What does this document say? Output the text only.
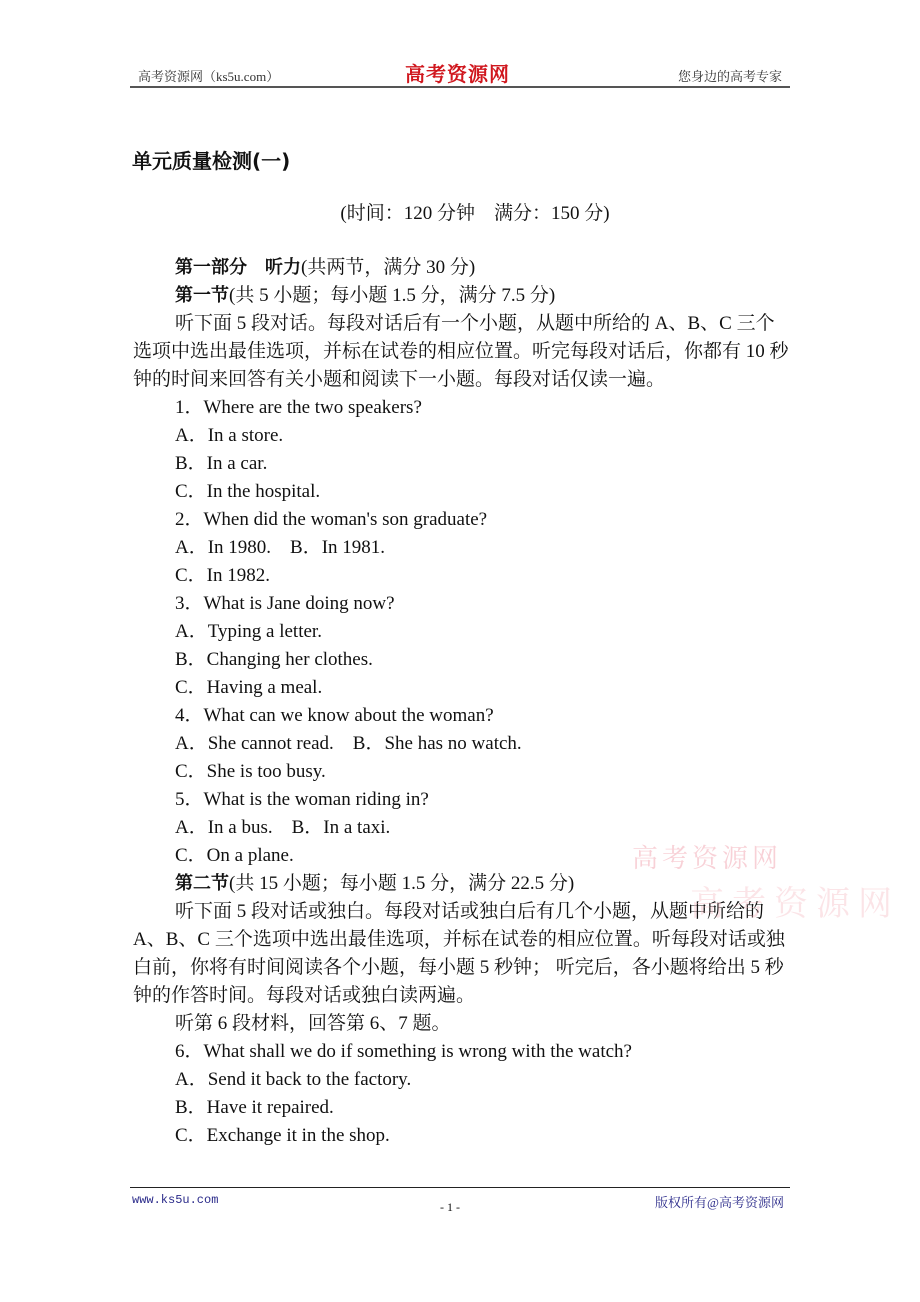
高考资源网（ks5u.com）	高考资源网	您身边的高考专家
单元质量检测(一)
(时间：120 分钟　满分：150 分)

第一部分　听力(共两节，满分 30 分)

第一节(共 5 小题；每小题 1.5 分，满分 7.5 分)

听下面 5 段对话。每段对话后有一个小题，从题中所给的 A、B、C 三个选项中选出最佳选项，并标在试卷的相应位置。听完每段对话后，你都有 10 秒钟的时间来回答有关小题和阅读下一小题。每段对话仅读一遍。

1．Where are the two speakers?

A．In a store.

B．In a car.

C．In the hospital.

2．When did the woman's son graduate?

A．In 1980.　B．In 1981.

C．In 1982.

3．What is Jane doing now?

A．Typing a letter.

B．Changing her clothes.

C．Having a meal.

4．What can we know about the woman?

A．She cannot read.　B．She has no watch.

C．She is too busy.

5．What is the woman riding in?

A．In a bus.　B．In a taxi.

C．On a plane.

第二节(共 15 小题；每小题 1.5 分，满分 22.5 分)

听下面 5 段对话或独白。每段对话或独白后有几个小题，从题中所给的 A、B、C 三个选项中选出最佳选项，并标在试卷的相应位置。听每段对话或独白前，你将有时间阅读各个小题，每小题 5 秒钟； 听完后，各小题将给出 5 秒钟的作答时间。每段对话或独白读两遍。

听第 6 段材料，回答第 6、7 题。

6．What shall we do if something is wrong with the watch?

A．Send it back to the factory.

B．Have it repaired.

C．Exchange it in the shop.

高考资源网
高考资源网
www.ks5u.com	- 1 -	版权所有@高考资源网
